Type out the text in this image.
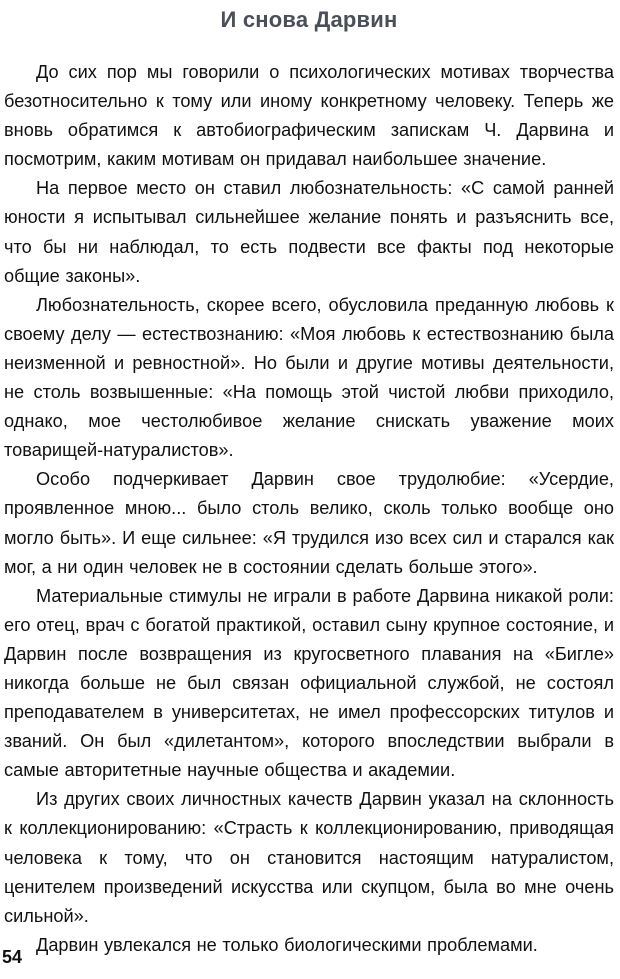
И снова Дарвин

До сих пор мы говорили о психологических мотивах творчества безотносительно к тому или иному конкретному человеку. Теперь же вновь обратимся к автобиографическим запискам Ч. Дарвина и посмотрим, каким мотивам он придавал наибольшее значение.

На первое место он ставил любознательность: «С самой ранней юности я испытывал сильнейшее желание понять и разъяснить все, что бы ни наблюдал, то есть подвести все факты под некоторые общие законы».

Любознательность, скорее всего, обусловила преданную любовь к своему делу — естествознанию: «Моя любовь к естествознанию была неизменной и ревностной». Но были и другие мотивы деятельности, не столь возвышенные: «На помощь этой чистой любви приходило, однако, мое честолюбивое желание снискать уважение моих товарищей-натуралистов».

Особо подчеркивает Дарвин свое трудолюбие: «Усердие, проявленное мною... было столь велико, сколь только вообще оно могло быть». И еще сильнее: «Я трудился изо всех сил и старался как мог, а ни один человек не в состоянии сделать больше этого».

Материальные стимулы не играли в работе Дарвина никакой роли: его отец, врач с богатой практикой, оставил сыну крупное состояние, и Дарвин после возвращения из кругосветного плавания на «Бигле» никогда больше не был связан официальной службой, не состоял преподавателем в университетах, не имел профессорских титулов и званий. Он был «дилетантом», которого впоследствии выбрали в самые авторитетные научные общества и академии.

Из других своих личностных качеств Дарвин указал на склонность к коллекционированию: «Страсть к коллекционированию, приводящая человека к тому, что он становится настоящим натуралистом, ценителем произведений искусства или скупцом, была во мне очень сильной».

Дарвин увлекался не только биологическими проблемами.

54
